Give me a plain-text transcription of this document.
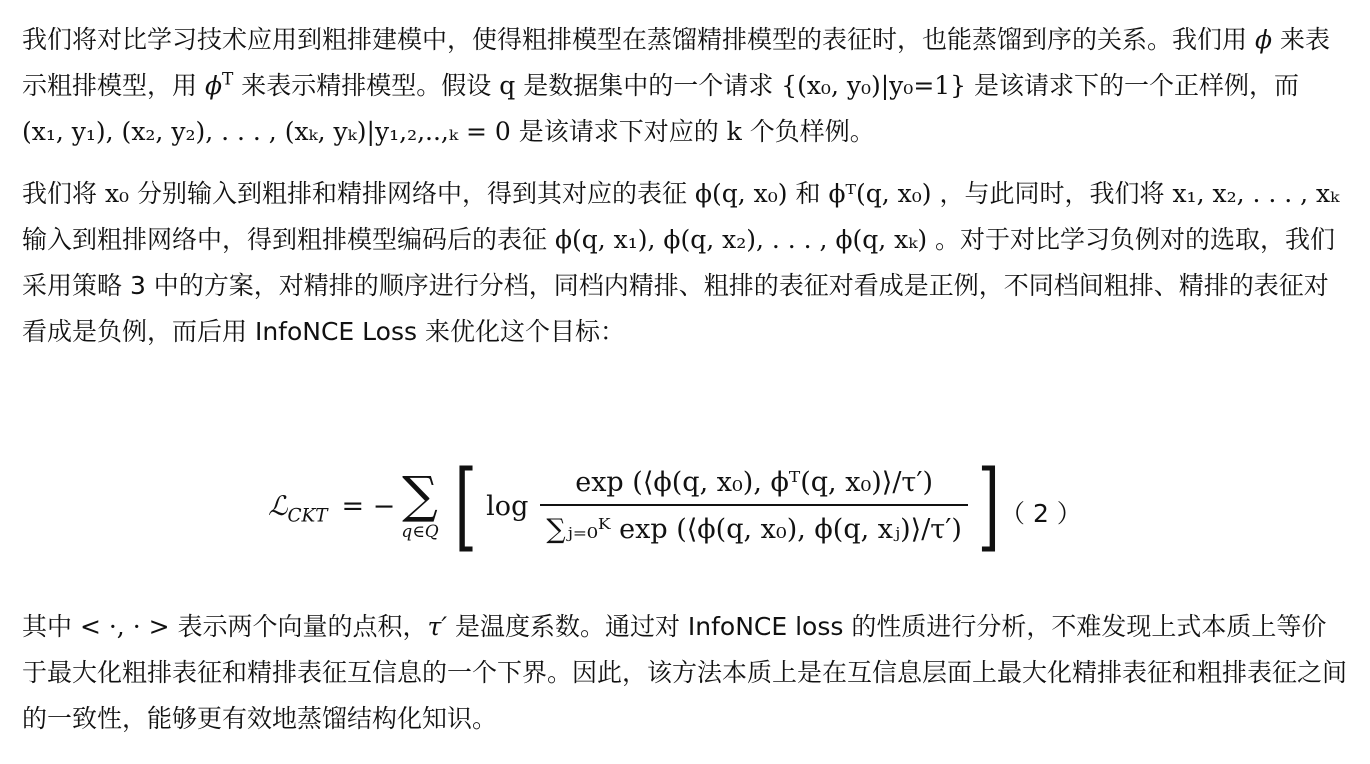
我们将对比学习技术应用到粗排建模中，使得粗排模型在蒸馏精排模型的表征时，也能蒸馏到序的关系。我们用 ϕ 来表示粗排模型，用 $\phi^T$ 来表示精排模型。假设 q 是数据集中的一个请求 {(x₀, y₀)|y₀=1} 是该请求下的一个正样例，而 (x₁, y₁), (x₂, y₂), . . . , (xₖ, yₖ)|y₁,₂,..,ₖ = 0 是该请求下对应的 k 个负样例。

我们将 x₀ 分别输入到粗排和精排网络中，得到其对应的表征 ϕ(q, x₀) 和 ϕᵀ(q, x₀) ，与此同时，我们将 x₁, x₂, . . . , xₖ 输入到粗排网络中，得到粗排模型编码后的表征 ϕ(q, x₁), ϕ(q, x₂), . . . , ϕ(q, xₖ) 。对于对比学习负例对的选取，我们采用策略 3 中的方案，对精排的顺序进行分档，同档内精排、粗排的表征对看成是正例，不同档间粗排、精排的表征对看成是负例，而后用 InfoNCE Loss 来优化这个目标：

ℒ$_{CKT}$ = − ∑
q∈Q [ $\log \frac{\text{exp (⟨ϕ(q, x₀), ϕᵀ(q, x₀)⟩/τ′)}}{\text{∑ⱼ₌₀ᴷ exp (⟨ϕ(q, x₀), ϕ(q, xⱼ)⟩/τ′)}}$ ] （ 2 ）

其中 < ·, · > 表示两个向量的点积，τ′ 是温度系数。通过对 InfoNCE loss 的性质进行分析，不难发现上式本质上等价于最大化粗排表征和精排表征互信息的一个下界。因此，该方法本质上是在互信息层面上最大化精排表征和粗排表征之间的一致性，能够更有效地蒸馏结构化知识。
